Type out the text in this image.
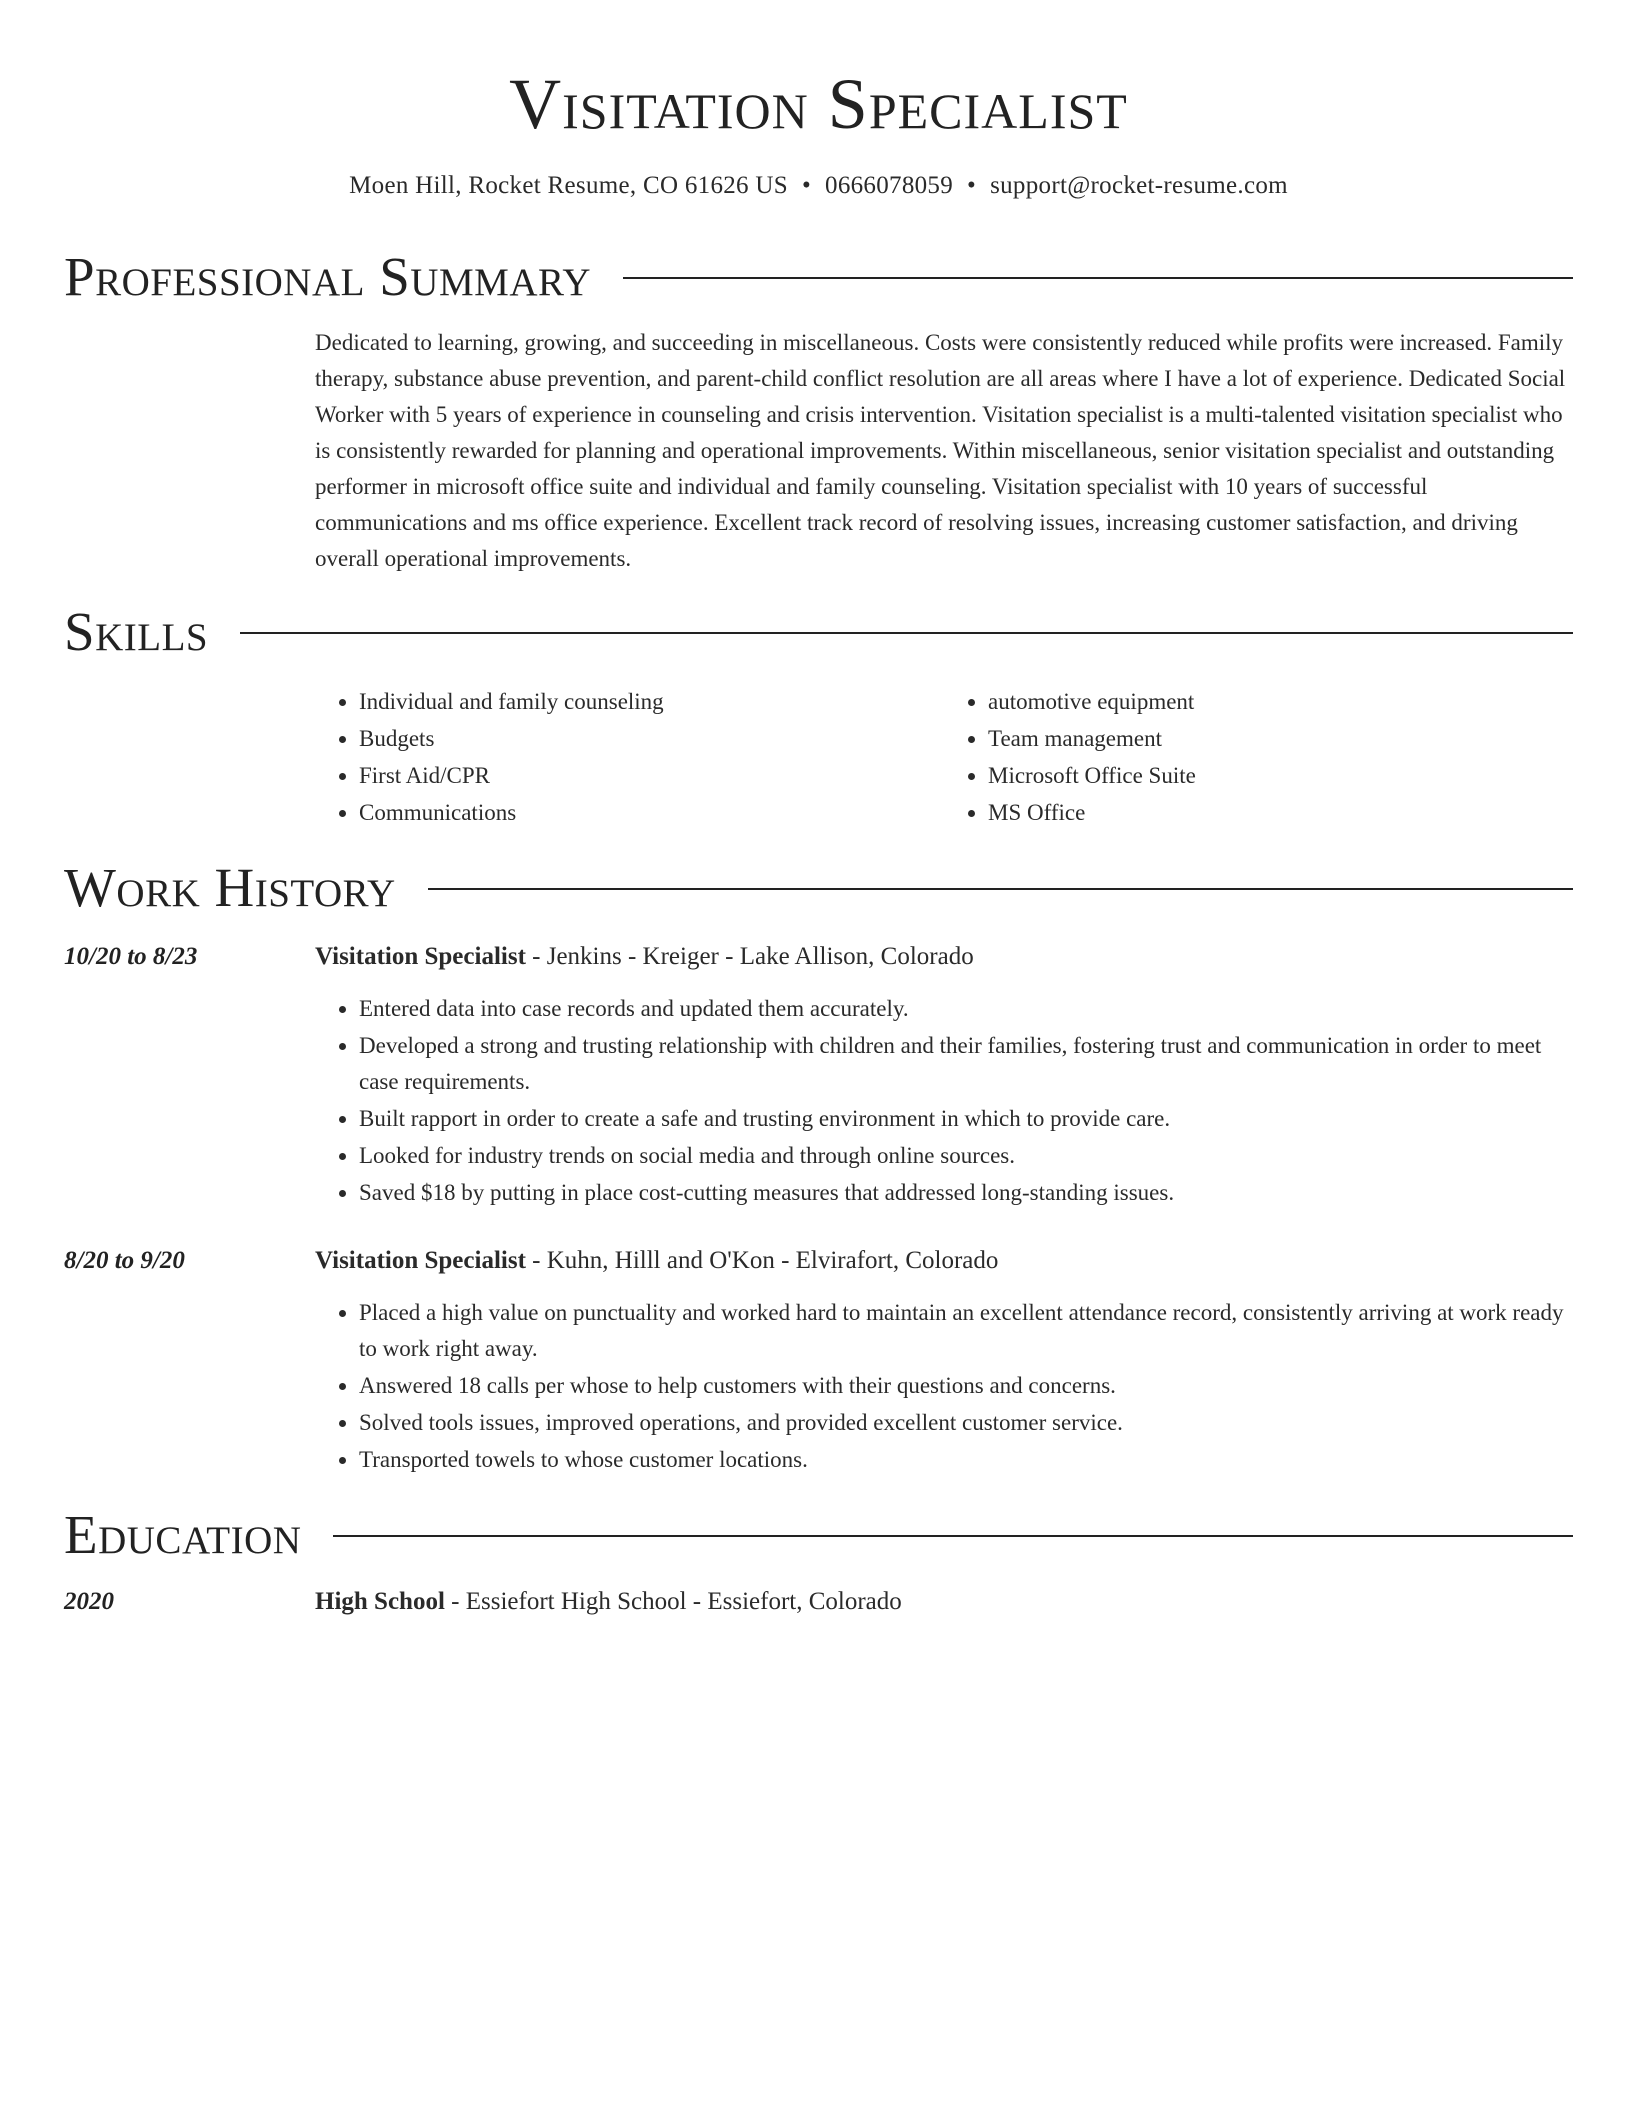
Visitation Specialist
Moen Hill, Rocket Resume, CO 61626 US • 0666078059 • support@rocket-resume.com
Professional Summary

Dedicated to learning, growing, and succeeding in miscellaneous. Costs were consistently reduced while profits were increased. Family therapy, substance abuse prevention, and parent-child conflict resolution are all areas where I have a lot of experience. Dedicated Social Worker with 5 years of experience in counseling and crisis intervention. Visitation specialist is a multi-talented visitation specialist who is consistently rewarded for planning and operational improvements. Within miscellaneous, senior visitation specialist and outstanding performer in microsoft office suite and individual and family counseling. Visitation specialist with 10 years of successful communications and ms office experience. Excellent track record of resolving issues, increasing customer satisfaction, and driving overall operational improvements.

Skills
• Individual and family counseling
• Budgets
• First Aid/CPR
• Communications
• automotive equipment
• Team management
• Microsoft Office Suite
• MS Office
Work History
10/20 to 8/23	Visitation Specialist - Jenkins - Kreiger - Lake Allison, Colorado
• Entered data into case records and updated them accurately.
• Developed a strong and trusting relationship with children and their families, fostering trust and communication in order to meet case requirements.
• Built rapport in order to create a safe and trusting environment in which to provide care.
• Looked for industry trends on social media and through online sources.
• Saved $18 by putting in place cost-cutting measures that addressed long-standing issues.
8/20 to 9/20	Visitation Specialist - Kuhn, Hilll and O'Kon - Elvirafort, Colorado
• Placed a high value on punctuality and worked hard to maintain an excellent attendance record, consistently arriving at work ready to work right away.
• Answered 18 calls per whose to help customers with their questions and concerns.
• Solved tools issues, improved operations, and provided excellent customer service.
• Transported towels to whose customer locations.
Education
2020	High School - Essiefort High School - Essiefort, Colorado
